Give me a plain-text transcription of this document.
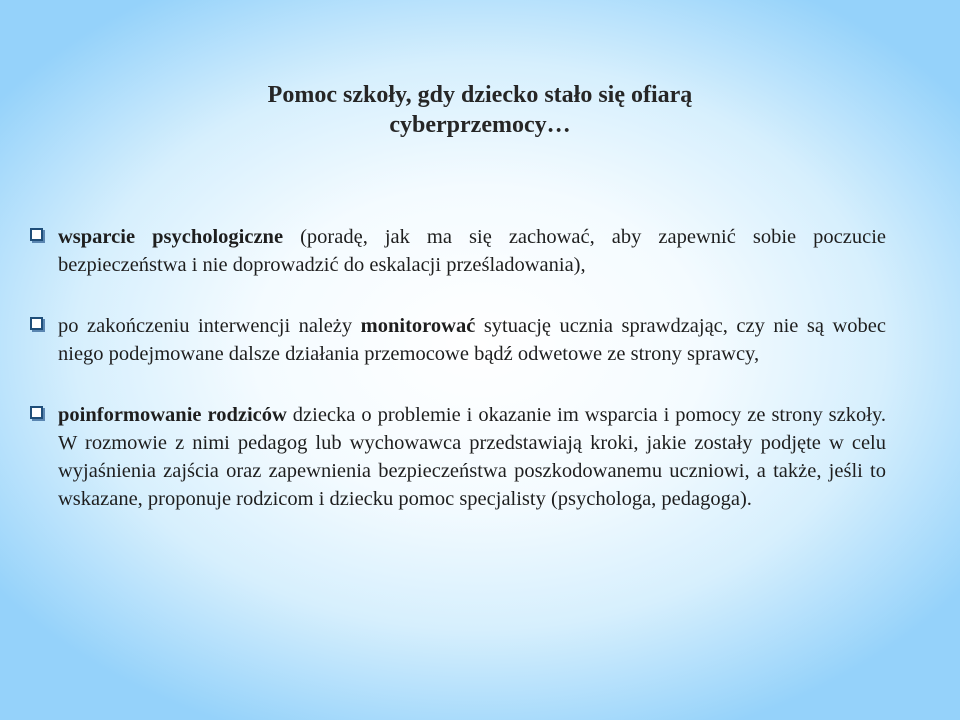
Pomoc szkoły, gdy dziecko stało się ofiarą
cyberprzemocy…

wsparcie psychologiczne (poradę, jak ma się zachować, aby zapewnić sobie poczucie bezpieczeństwa i nie doprowadzić do eskalacji prześladowania),

po zakończeniu interwencji należy monitorować sytuację ucznia sprawdzając, czy nie są wobec niego podejmowane dalsze działania przemocowe bądź odwetowe ze strony sprawcy,

poinformowanie rodziców dziecka o problemie i okazanie im wsparcia i pomocy ze strony szkoły. W rozmowie z nimi pedagog lub wychowawca przedstawiają kroki, jakie zostały podjęte w celu wyjaśnienia zajścia oraz zapewnienia bezpieczeństwa poszkodowanemu uczniowi, a także, jeśli to wskazane, proponuje rodzicom i dziecku pomoc specjalisty (psychologa, pedagoga).
